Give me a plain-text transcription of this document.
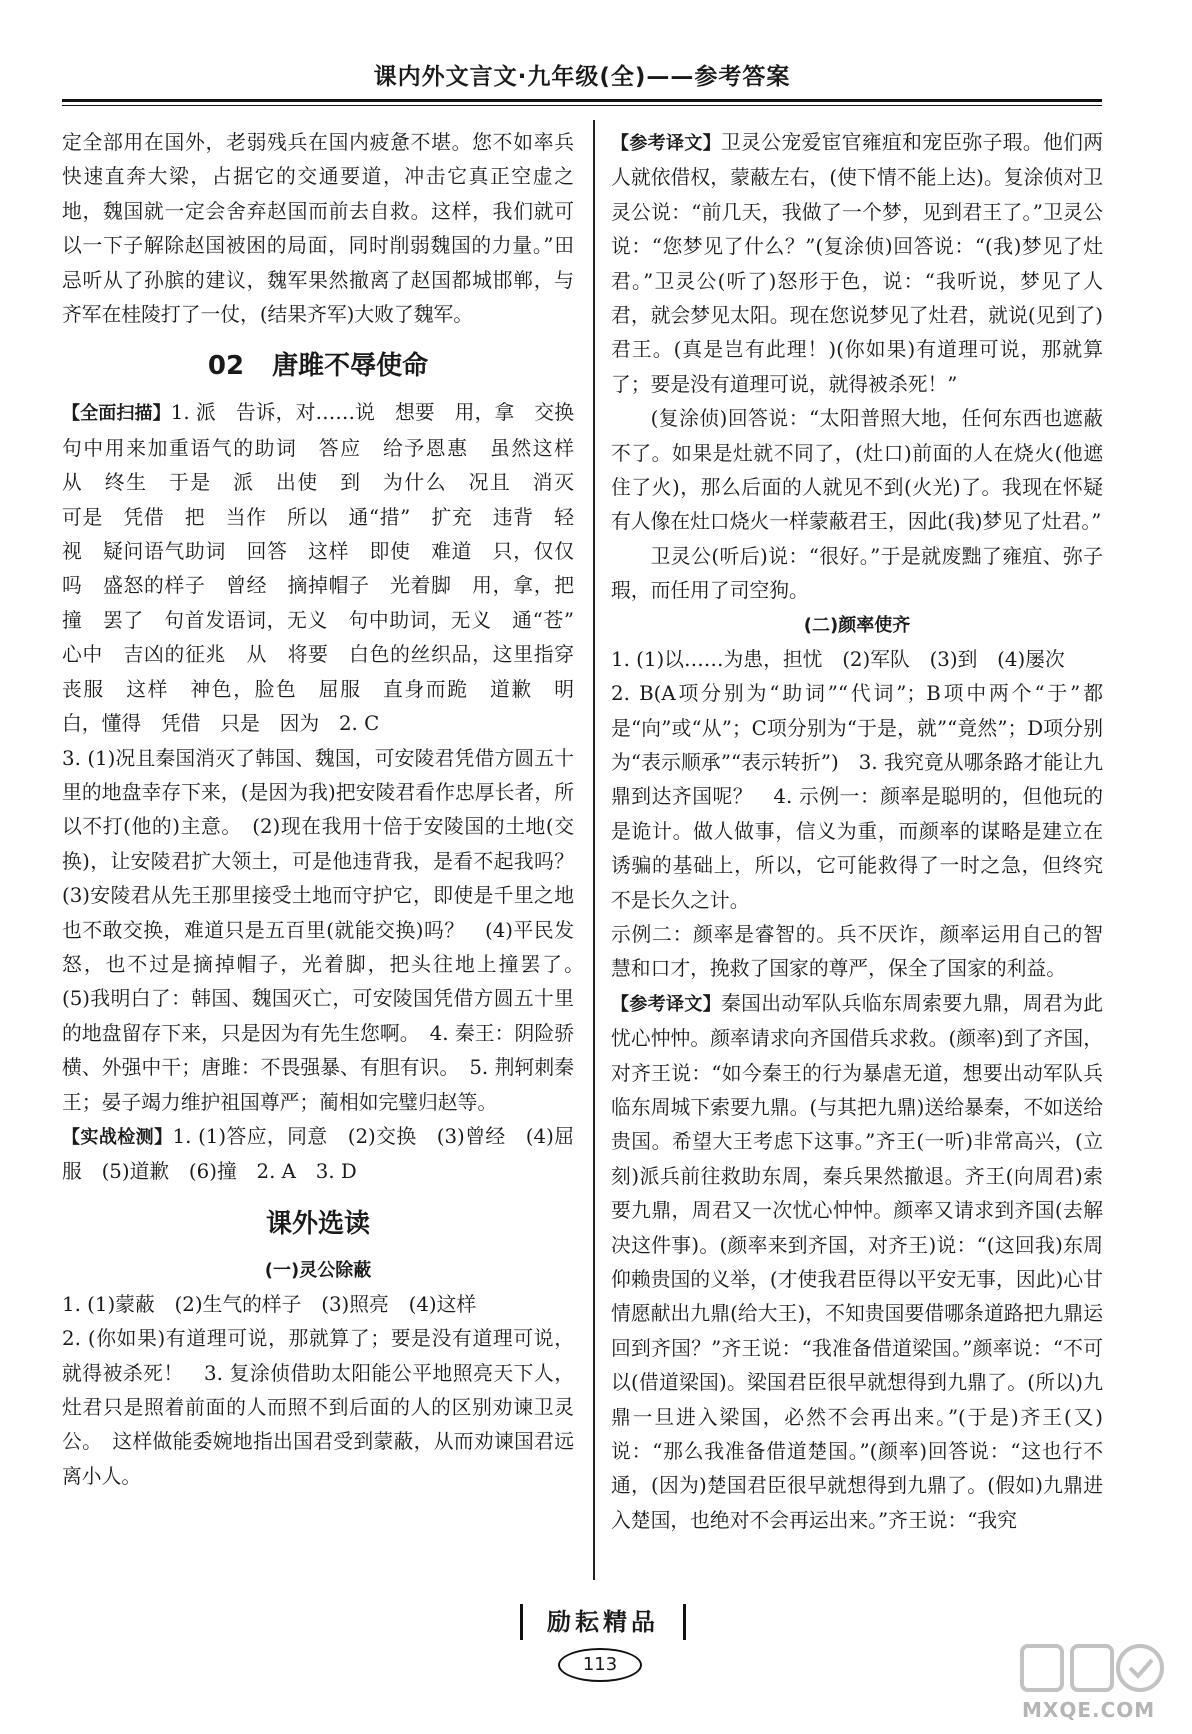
课内外文言文·九年级(全)——参考答案

定全部用在国外，老弱残兵在国内疲惫不堪。您不如率兵快速直奔大梁，占据它的交通要道，冲击它真正空虚之地，魏国就一定会舍弃赵国而前去自救。这样，我们就可以一下子解除赵国被困的局面，同时削弱魏国的力量。”田忌听从了孙膑的建议，魏军果然撤离了赵国都城邯郸，与齐军在桂陵打了一仗，(结果齐军)大败了魏军。

02 唐雎不辱使命

【全面扫描】1. 派　告诉，对……说　想要　用，拿　交换　句中用来加重语气的助词　答应　给予恩惠　虽然这样　从　终生　于是　派　出使　到　为什么　况且　消灭　可是　凭借　把　当作　所以　通“措”　扩充　违背　轻视　疑问语气助词　回答　这样　即使　难道　只，仅仅　吗　盛怒的样子　曾经　摘掉帽子　光着脚　用，拿，把　撞　罢了　句首发语词，无义　句中助词，无义　通“苍”　心中　吉凶的征兆　从　将要　白色的丝织品，这里指穿丧服　这样　神色，脸色　屈服　直身而跪　道歉　明白，懂得　凭借　只是　因为　2. C

3. (1)况且秦国消灭了韩国、魏国，可安陵君凭借方圆五十里的地盘幸存下来，(是因为我)把安陵君看作忠厚长者，所以不打(他的)主意。　(2)现在我用十倍于安陵国的土地(交换)，让安陵君扩大领土，可是他违背我，是看不起我吗？　(3)安陵君从先王那里接受土地而守护它，即使是千里之地也不敢交换，难道只是五百里(就能交换)吗？　(4)平民发怒，也不过是摘掉帽子，光着脚，把头往地上撞罢了。　(5)我明白了：韩国、魏国灭亡，可安陵国凭借方圆五十里的地盘留存下来，只是因为有先生您啊。　4. 秦王：阴险骄横、外强中干；唐雎：不畏强暴、有胆有识。　5. 荆轲刺秦王；晏子竭力维护祖国尊严；蔺相如完璧归赵等。

【实战检测】1. (1)答应，同意　(2)交换　(3)曾经　(4)屈服　(5)道歉　(6)撞　2. A　3. D

课外选读
(一)灵公除蔽

1. (1)蒙蔽　(2)生气的样子　(3)照亮　(4)这样

2. (你如果)有道理可说，那就算了；要是没有道理可说，就得被杀死！　3. 复涂侦借助太阳能公平地照亮天下人，灶君只是照着前面的人而照不到后面的人的区别劝谏卫灵公。　这样做能委婉地指出国君受到蒙蔽，从而劝谏国君远离小人。

【参考译文】卫灵公宠爱宦官雍疽和宠臣弥子瑕。他们两人就依借权，蒙蔽左右，(使下情不能上达)。复涂侦对卫灵公说：“前几天，我做了一个梦，见到君王了。”卫灵公说：“您梦见了什么？”(复涂侦)回答说：“(我)梦见了灶君。”卫灵公(听了)怒形于色，说：“我听说，梦见了人君，就会梦见太阳。现在您说梦见了灶君，就说(见到了)君王。(真是岂有此理！)(你如果)有道理可说，那就算了；要是没有道理可说，就得被杀死！”

(复涂侦)回答说：“太阳普照大地，任何东西也遮蔽不了。如果是灶就不同了，(灶口)前面的人在烧火(他遮住了火)，那么后面的人就见不到(火光)了。我现在怀疑有人像在灶口烧火一样蒙蔽君王，因此(我)梦见了灶君。”

卫灵公(听后)说：“很好。”于是就废黜了雍疽、弥子瑕，而任用了司空狗。

(二)颜率使齐

1. (1)以……为患，担忧　(2)军队　(3)到　(4)屡次

2. B(A项分别为“助词”“代词”；B项中两个“于”都是“向”或“从”；C项分别为“于是，就”“竟然”；D项分别为“表示顺承”“表示转折”)　3. 我究竟从哪条路才能让九鼎到达齐国呢？　4. 示例一：颜率是聪明的，但他玩的是诡计。做人做事，信义为重，而颜率的谋略是建立在诱骗的基础上，所以，它可能救得了一时之急，但终究不是长久之计。

示例二：颜率是睿智的。兵不厌诈，颜率运用自己的智慧和口才，挽救了国家的尊严，保全了国家的利益。

【参考译文】秦国出动军队兵临东周索要九鼎，周君为此忧心忡忡。颜率请求向齐国借兵求救。(颜率)到了齐国，对齐王说：“如今秦王的行为暴虐无道，想要出动军队兵临东周城下索要九鼎。(与其把九鼎)送给暴秦，不如送给贵国。希望大王考虑下这事。”齐王(一听)非常高兴，(立刻)派兵前往救助东周，秦兵果然撤退。齐王(向周君)索要九鼎，周君又一次忧心忡忡。颜率又请求到齐国(去解决这件事)。(颜率来到齐国，对齐王)说：“(这回我)东周仰赖贵国的义举，(才使我君臣得以平安无事，因此)心甘情愿献出九鼎(给大王)，不知贵国要借哪条道路把九鼎运回到齐国？”齐王说：“我准备借道梁国。”颜率说：“不可以(借道梁国)。梁国君臣很早就想得到九鼎了。(所以)九鼎一旦进入梁国，必然不会再出来。”(于是)齐王(又)说：“那么我准备借道楚国。”(颜率)回答说：“这也行不通，(因为)楚国君臣很早就想得到九鼎了。(假如)九鼎进入楚国，也绝对不会再运出来。”齐王说：“我究

励耘精品
113
MXQE.COM
